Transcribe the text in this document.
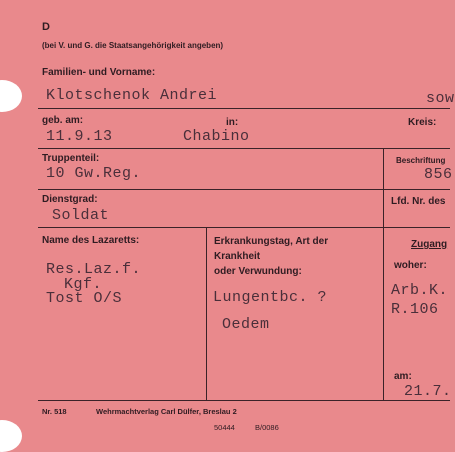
D
(bei V. und G. die Staatsangehörigkeit angeben)
Familien- und Vorname:
Klotschenok Andrei	sow
geb. am:	in:	Kreis:
11.9.13	Chabino
Truppenteil:	Beschriftung
10 Gw.Reg.	856
Dienstgrad:	Lfd. Nr. des
Soldat
Name des Lazaretts:
Res.Laz.f.
Kgf.
Tost O/S
Erkrankungstag, Art der
Krankheit
oder Verwundung:
Lungentbc. ?
Oedem
Zugang
woher:
Arb.K.
R.106
am:
21.7.
Nr. 518	Wehrmachtverlag Carl Dülfer, Breslau 2
50444	B/0086
